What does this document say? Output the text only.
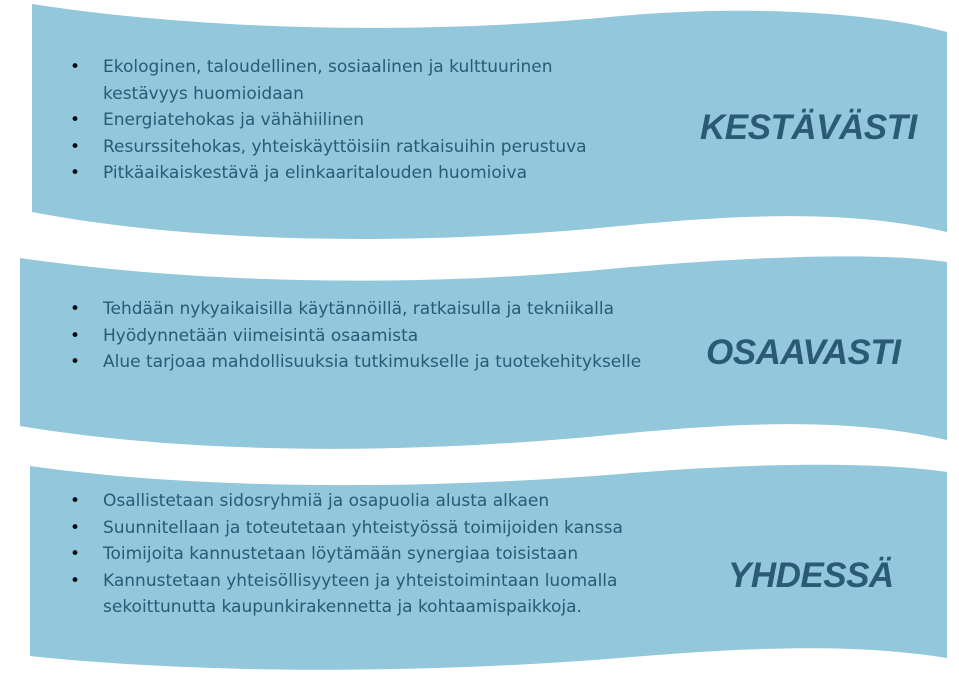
• Ekologinen, taloudellinen, sosiaalinen ja kulttuurinen kestävyys huomioidaan
• Energiatehokas ja vähähiilinen
• Resurssitehokas, yhteiskäyttöisiin ratkaisuihin perustuva
• Pitkäaikaiskestävä ja elinkaaritalouden huomioiva
KESTÄVÄSTI
• Tehdään nykyaikaisilla käytännöillä, ratkaisulla ja tekniikalla
• Hyödynnetään viimeisintä osaamista
• Alue tarjoaa mahdollisuuksia tutkimukselle ja tuotekehitykselle	OSAAVASTI
• Osallistetaan sidosryhmiä ja osapuolia alusta alkaen
• Suunnitellaan ja toteutetaan yhteistyössä toimijoiden kanssa
• Toimijoita kannustetaan löytämään synergiaa toisistaan
• Kannustetaan yhteisöllisyyteen ja yhteistoimintaan luomalla sekoittunutta kaupunkirakennetta ja kohtaamispaikkoja.
YHDESSÄ
